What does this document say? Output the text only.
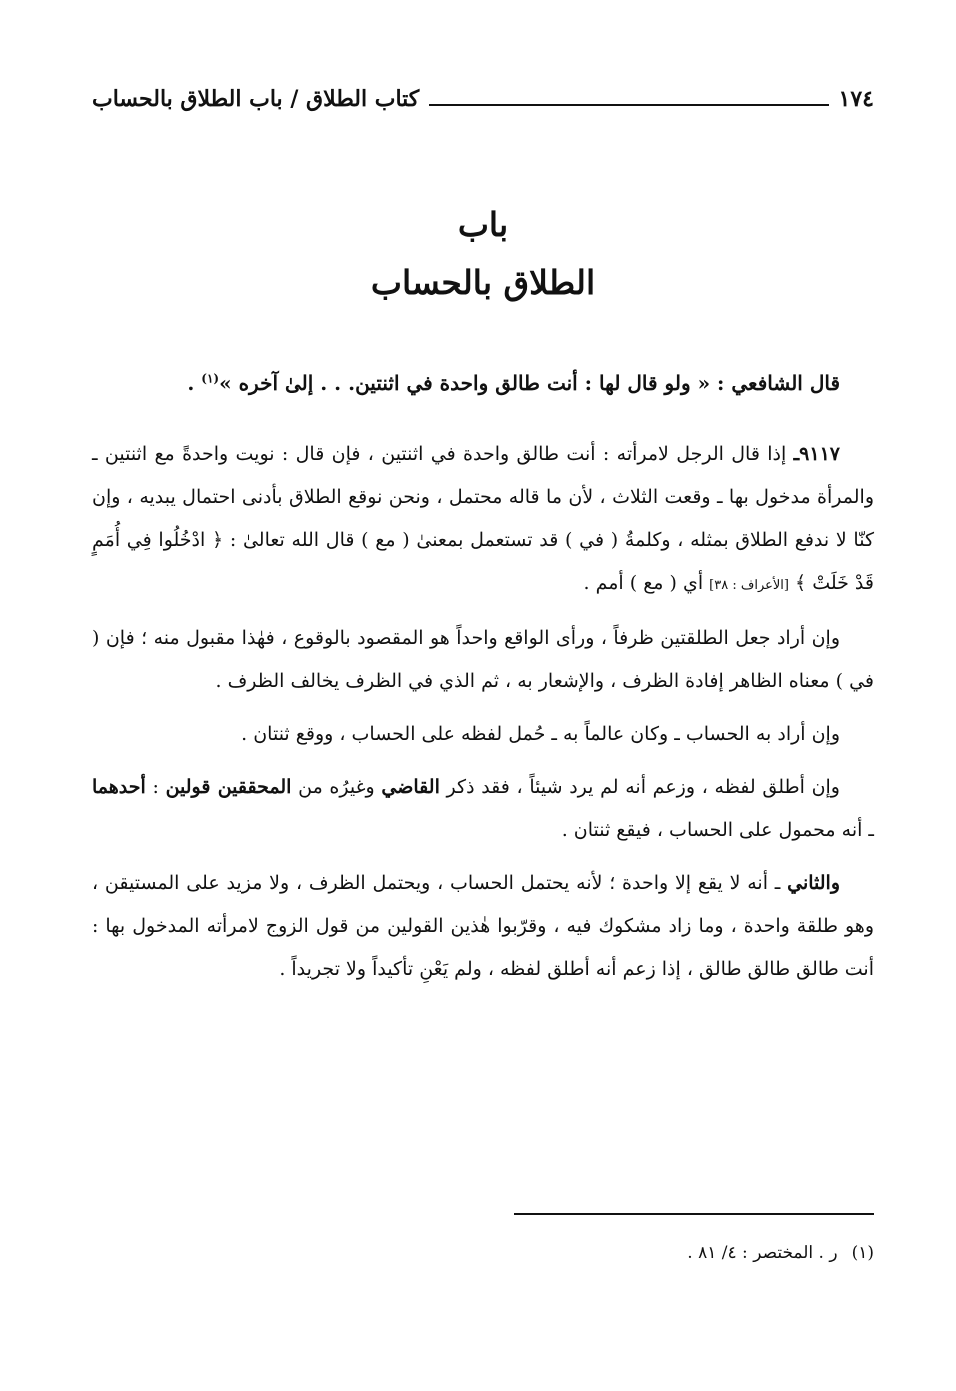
١٧٤
كتاب الطلاق / باب الطلاق بالحساب
باب
الطلاق بالحساب

قال الشافعي : « ولو قال لها : أنت طالق واحدة في اثنتين. . . إلىٰ آخره »$^{(١)}$ .

٩١١٧ـ إذا قال الرجل لامرأته : أنت طالق واحدة في اثنتين ، فإن قال : نويت واحدةً مع اثنتين ـ والمرأة مدخول بها ـ وقعت الثلاث ، لأن ما قاله محتمل ، ونحن نوقع الطلاق بأدنى احتمال يبديه ، وإن كنّا لا ندفع الطلاق بمثله ، وكلمةُ ( في ) قد تستعمل بمعنىٰ ( مع ) قال الله تعالىٰ : ﴿ ادْخُلُوا فِي أُمَمٍ قَدْ خَلَتْ ﴾ [الأعراف : ٣٨] أي ( مع ) أمم .

وإن أراد جعل الطلقتين ظرفاً ، ورأى الواقع واحداً هو المقصود بالوقوع ، فهٰذا مقبول منه ؛ فإن ( في ) معناه الظاهر إفادة الظرف ، والإشعار به ، ثم الذي في الظرف يخالف الظرف .

وإن أراد به الحساب ـ وكان عالماً به ـ حُمل لفظه على الحساب ، ووقع ثنتان .

وإن أطلق لفظه ، وزعم أنه لم يرد شيئاً ، فقد ذكر القاضي وغيرُه من المحققين قولين : أحدهما ـ أنه محمول على الحساب ، فيقع ثنتان .

والثاني ـ أنه لا يقع إلا واحدة ؛ لأنه يحتمل الحساب ، ويحتمل الظرف ، ولا مزيد على المستيقن ، وهو طلقة واحدة ، وما زاد مشكوك فيه ، وقرّبوا هٰذين القولين من قول الزوج لامرأته المدخول بها : أنت طالق طالق طالق ، إذا زعم أنه أطلق لفظه ، ولم يَعْنِ تأكيداً ولا تجريداً .

(١)ر . المختصر : ٤/ ٨١ .
